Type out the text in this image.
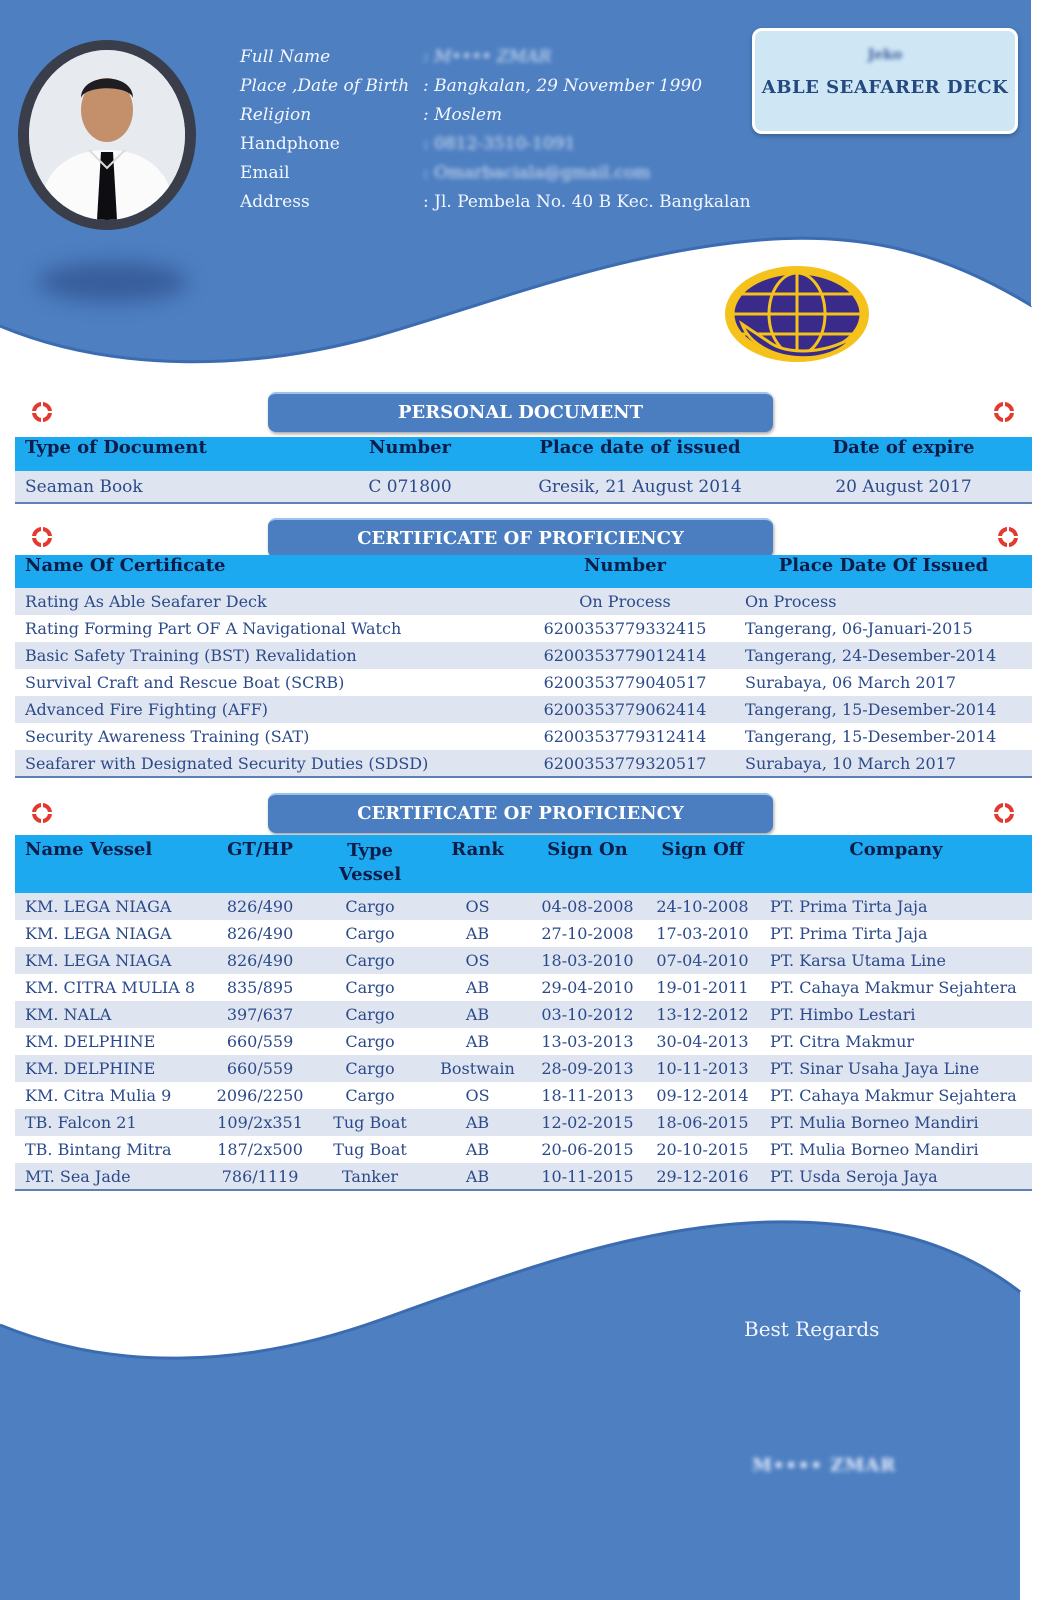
Full Name	: M•••• ZMAR
Place ,Date of Birth : Bangkalan, 29 November 1990
Religion	: Moslem
Handphone	: 0812-3510-1091
Email	: Omarbaciala@gmail.com
Address	: Jl. Pembela No. 40 B Kec. Bangkalan
Jeko
ABLE SEAFARER DECK
PERSONAL DOCUMENT
Type of Document	Number	Place date of issued	Date of expire
Seaman Book	C 071800	Gresik, 21 August 2014	20 August 2017
CERTIFICATE OF PROFICIENCY
Name Of Certificate	Number	Place Date Of Issued
Rating As Able Seafarer Deck	On Process	On Process
Rating Forming Part OF A Navigational Watch	6200353779332415	Tangerang, 06-Januari-2015
Basic Safety Training (BST) Revalidation	6200353779012414	Tangerang, 24-Desember-2014
Survival Craft and Rescue Boat (SCRB)	6200353779040517	Surabaya, 06 March 2017
Advanced Fire Fighting (AFF)	6200353779062414	Tangerang, 15-Desember-2014
Security Awareness Training (SAT)	6200353779312414	Tangerang, 15-Desember-2014
Seafarer with Designated Security Duties (SDSD)	6200353779320517	Surabaya, 10 March 2017
CERTIFICATE OF PROFICIENCY
Name Vessel	GT/HP	Type Vessel	Rank	Sign On	Sign Off	Company
KM. LEGA NIAGA	826/490	Cargo	OS	04-08-2008	24-10-2008	PT. Prima Tirta Jaja
KM. LEGA NIAGA	826/490	Cargo	AB	27-10-2008	17-03-2010	PT. Prima Tirta Jaja
KM. LEGA NIAGA	826/490	Cargo	OS	18-03-2010	07-04-2010	PT. Karsa Utama Line
KM. CITRA MULIA 8	835/895	Cargo	AB	29-04-2010	19-01-2011	PT. Cahaya Makmur Sejahtera
KM. NALA	397/637	Cargo	AB	03-10-2012	13-12-2012	PT. Himbo Lestari
KM. DELPHINE	660/559	Cargo	AB	13-03-2013	30-04-2013	PT. Citra Makmur
KM. DELPHINE	660/559	Cargo	Bostwain	28-09-2013	10-11-2013	PT. Sinar Usaha Jaya Line
KM. Citra Mulia 9	2096/2250	Cargo	OS	18-11-2013	09-12-2014	PT. Cahaya Makmur Sejahtera
TB. Falcon 21	109/2x351	Tug Boat	AB	12-02-2015	18-06-2015	PT. Mulia Borneo Mandiri
TB. Bintang Mitra	187/2x500	Tug Boat	AB	20-06-2015	20-10-2015	PT. Mulia Borneo Mandiri
MT. Sea Jade	786/1119	Tanker	AB	10-11-2015	29-12-2016	PT. Usda Seroja Jaya
Best Regards
M•••• ZMAR
